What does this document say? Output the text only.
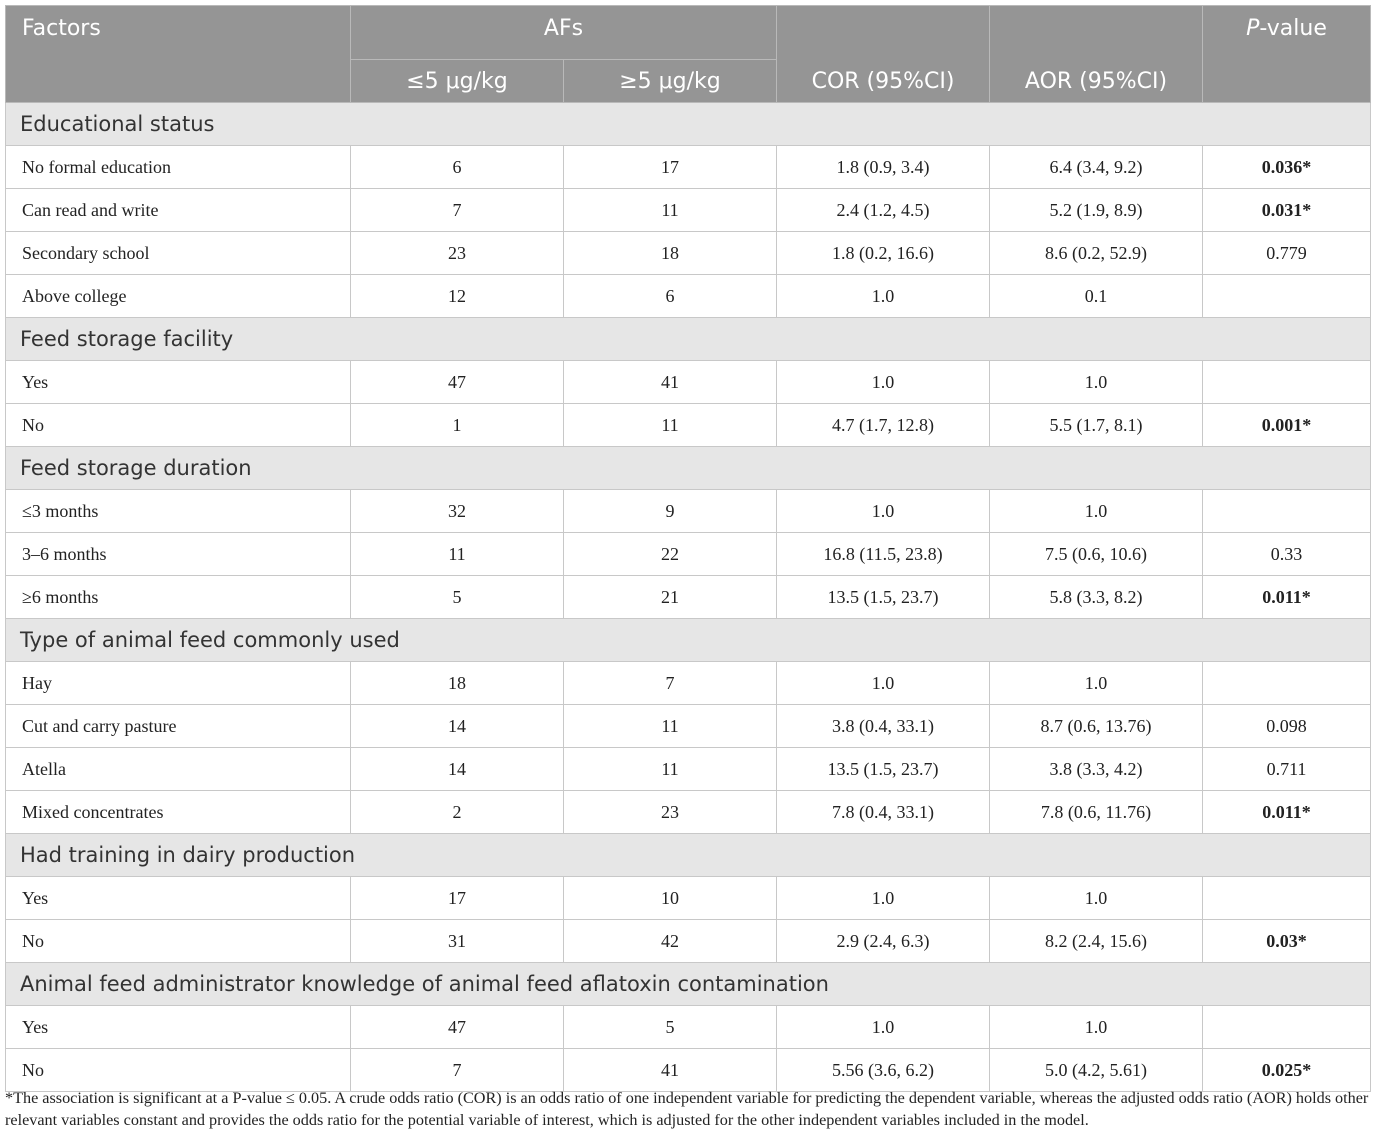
Factors	AFs		COR (95%CI)	AOR (95%CI)	P-value
	≤5 μg/kg	≥5 μg/kg			
Educational status					
No formal education	6	17	1.8 (0.9, 3.4)	6.4 (3.4, 9.2)	0.036*
Can read and write	7	11	2.4 (1.2, 4.5)	5.2 (1.9, 8.9)	0.031*
Secondary school	23	18	1.8 (0.2, 16.6)	8.6 (0.2, 52.9)	0.779
Above college	12	6	1.0	0.1	
Feed storage facility					
Yes	47	41	1.0	1.0	
No	1	11	4.7 (1.7, 12.8)	5.5 (1.7, 8.1)	0.001*
Feed storage duration					
≤3 months	32	9	1.0	1.0	
3–6 months	11	22	16.8 (11.5, 23.8)	7.5 (0.6, 10.6)	0.33
≥6 months	5	21	13.5 (1.5, 23.7)	5.8 (3.3, 8.2)	0.011*
Type of animal feed commonly used					
Hay	18	7	1.0	1.0	
Cut and carry pasture	14	11	3.8 (0.4, 33.1)	8.7 (0.6, 13.76)	0.098
Atella	14	11	13.5 (1.5, 23.7)	3.8 (3.3, 4.2)	0.711
Mixed concentrates	2	23	7.8 (0.4, 33.1)	7.8 (0.6, 11.76)	0.011*
Had training in dairy production					
Yes	17	10	1.0	1.0	
No	31	42	2.9 (2.4, 6.3)	8.2 (2.4, 15.6)	0.03*
Animal feed administrator knowledge of animal feed aflatoxin contamination					
Yes	47	5	1.0	1.0	
No	7	41	5.56 (3.6, 6.2)	5.0 (4.2, 5.61)	0.025*
*The association is significant at a P-value ≤ 0.05. A crude odds ratio (COR) is an odds ratio of one independent variable for predicting the dependent variable, whereas the adjusted odds ratio (AOR) holds other relevant variables constant and provides the odds ratio for the potential variable of interest, which is adjusted for the other independent variables included in the model.
